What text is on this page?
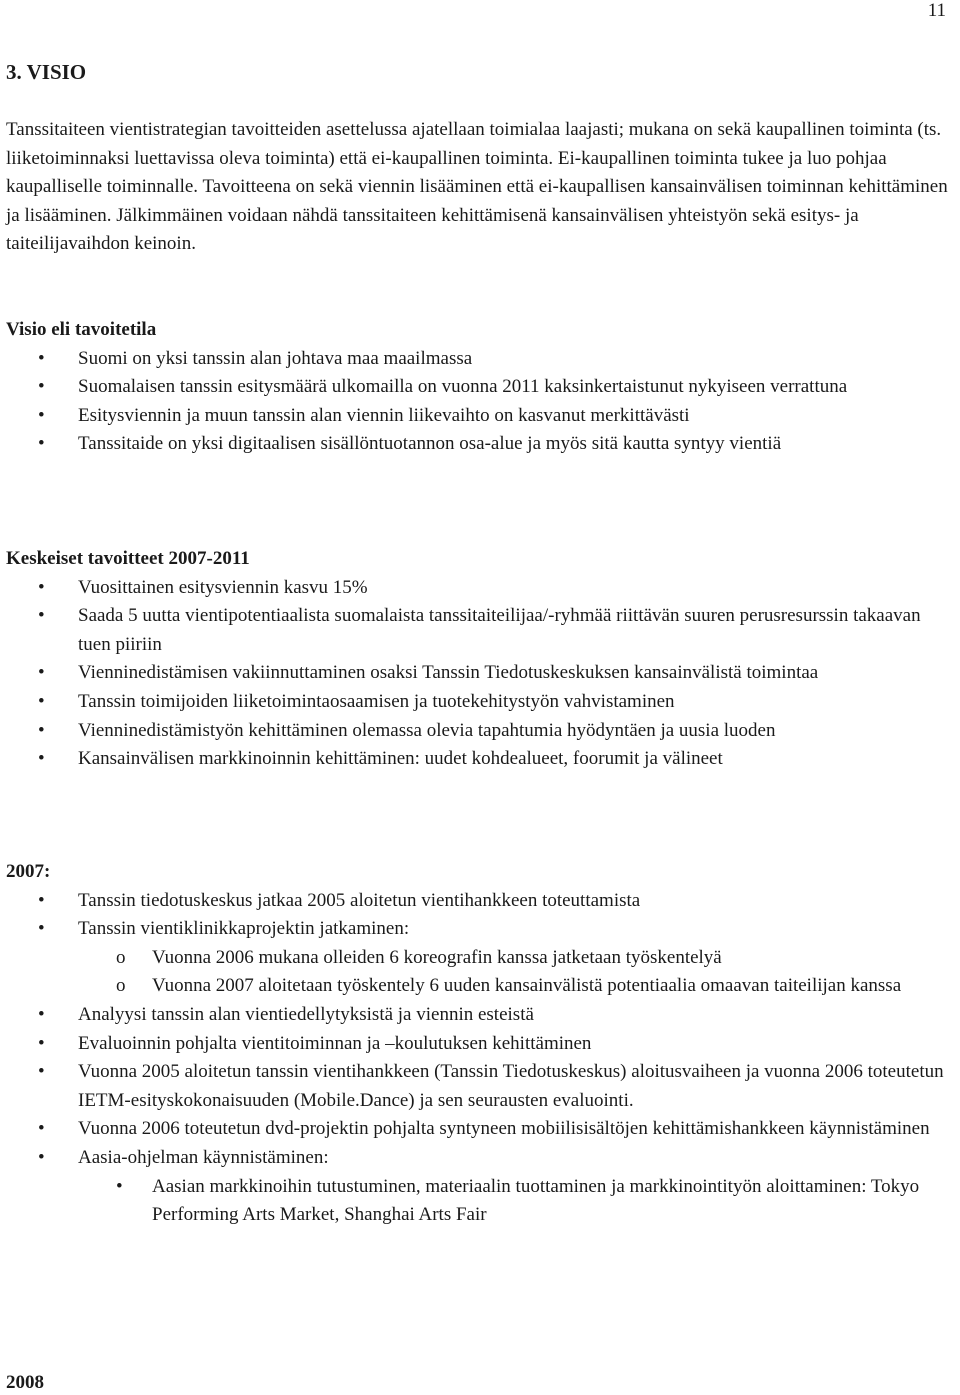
11
3. VISIO

Tanssitaiteen vientistrategian tavoitteiden asettelussa ajatellaan toimialaa laajasti; mukana on sekä kaupallinen toiminta (ts. liiketoiminnaksi luettavissa oleva toiminta) että ei-kaupallinen toiminta. Ei-kaupallinen toiminta tukee ja luo pohjaa kaupalliselle toiminnalle. Tavoitteena on sekä viennin lisääminen että ei-kaupallisen kansainvälisen toiminnan kehittäminen ja lisääminen. Jälkimmäinen voidaan nähdä tanssitaiteen kehittämisenä kansainvälisen yhteistyön sekä esitys- ja taiteilijavaihdon keinoin.

Visio eli tavoitetila
• Suomi on yksi tanssin alan johtava maa maailmassa
• Suomalaisen tanssin esitysmäärä ulkomailla on vuonna 2011 kaksinkertaistunut nykyiseen verrattuna
• Esitysviennin ja muun tanssin alan viennin liikevaihto on kasvanut merkittävästi
• Tanssitaide on yksi digitaalisen sisällöntuotannon osa-alue ja myös sitä kautta syntyy vientiä
Keskeiset tavoitteet 2007-2011
• Vuosittainen esitysviennin kasvu 15%
• Saada 5 uutta vientipotentiaalista suomalaista tanssitaiteilijaa/-ryhmää riittävän suuren perusresurssin takaavan tuen piiriin
• Vienninedistämisen vakiinnuttaminen osaksi Tanssin Tiedotuskeskuksen kansainvälistä toimintaa
• Tanssin toimijoiden liiketoimintaosaamisen ja tuotekehitystyön vahvistaminen
• Vienninedistämistyön kehittäminen olemassa olevia tapahtumia hyödyntäen ja uusia luoden
• Kansainvälisen markkinoinnin kehittäminen: uudet kohdealueet, foorumit ja välineet
2007:
• Tanssin tiedotuskeskus jatkaa 2005 aloitetun vientihankkeen toteuttamista
• Tanssin vientiklinikkaprojektin jatkaminen:
o Vuonna 2006 mukana olleiden 6 koreografin kanssa jatketaan työskentelyä
o Vuonna 2007 aloitetaan työskentely 6 uuden kansainvälistä potentiaalia omaavan taiteilijan kanssa
• Analyysi tanssin alan vientiedellytyksistä ja viennin esteistä
• Evaluoinnin pohjalta vientitoiminnan ja –koulutuksen kehittäminen
• Vuonna 2005 aloitetun tanssin vientihankkeen (Tanssin Tiedotuskeskus) aloitusvaiheen ja vuonna 2006 toteutetun IETM-esityskokonaisuuden (Mobile.Dance) ja sen seurausten evaluointi.
• Vuonna 2006 toteutetun dvd-projektin pohjalta syntyneen mobiilisisältöjen kehittämishankkeen käynnistäminen
• Aasia-ohjelman käynnistäminen:
• Aasian markkinoihin tutustuminen, materiaalin tuottaminen ja markkinointityön aloittaminen: Tokyo Performing Arts Market, Shanghai Arts Fair
2008
